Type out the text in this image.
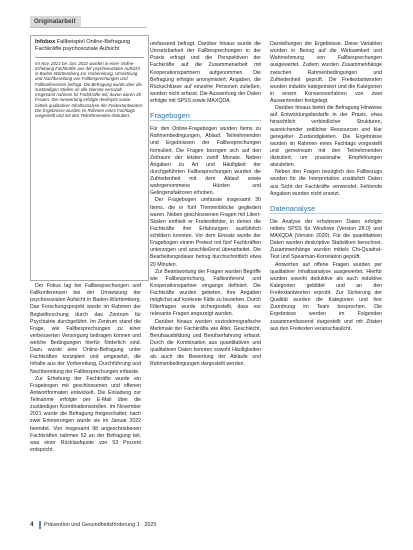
Originalarbeit
Infobox Fallbeispiel Online-Befragung Fachkräfte psychosoziale Aufsicht

Im Nov. 2021 bis Jan. 2022 wurden in einer Online-Erhebung Fachkräfte aus der psychosozialen Aufsicht in Baden-Württemberg zur Vorbereitung, Umsetzung und Nachbereitung von Fallbesprechungen und Fallkonferenzen befragt. Die Befragung wurde über die zuständigen Stellen an alle Dienste versandt. Insgesamt nahmen 52 Fachkräfte teil; davon waren 35 Frauen. Die Auswertung erfolgte deskriptiv sowie mittels qualitativer Inhaltsanalyse der Freitextantworten. Die Ergebnisse wurden im Rahmen eines Fachtags vorgestellt und mit den Teilnehmenden diskutiert.

Der Fokus lag bei Fallbesprechungen und Fallkonferenzen bei der Umsetzung der psychosozialen Aufsicht in Baden-Württemberg. Das Forschungsprojekt wurde im Rahmen der Begleitforschung durch das Zentrum für Psychiatrie durchgeführt. Im Zentrum stand die Frage, wie Fallbesprechungen zu einer verbesserten Versorgung beitragen können und welche Bedingungen hierfür förderlich sind. Dazu wurde eine Online-Befragung unter Fachkräften konzipiert und umgesetzt, die Inhalte aus der Vorbereitung, Durchführung und Nachbereitung der Fallbesprechungen erfasste.

Zur Erhebung der Fachkräfte wurde ein Fragebogen mit geschlossenen und offenen Antwortformaten entwickelt. Die Einladung zur Teilnahme erfolgte per E-Mail über die zuständigen Koordinationsstellen. Im November 2021 wurde die Befragung freigeschaltet; nach zwei Erinnerungen wurde sie im Januar 2022 beendet. Von insgesamt 98 angeschriebenen Fachkräften nahmen 52 an der Befragung teil, was einer Rücklaufquote von 53 Prozent entspricht.

umfassend befragt. Darüber hinaus wurde die Umsetzbarkeit der Fallbesprechungen in der Praxis erfragt und die Perspektiven der Fachkräfte auf die Zusammenarbeit mit Kooperationspartnern aufgenommen. Die Befragung erfolgte anonymisiert; Angaben, die Rückschlüsse auf einzelne Personen zuließen, wurden nicht erfasst. Die Auswertung der Daten erfolgte mit SPSS sowie MAXQDA.

Fragebogen

Für den Online-Fragebogen wurden Items zu Rahmenbedingungen, Ablauf, Teilnehmenden und Ergebnissen der Fallbesprechungen formuliert. Die Fragen bezogen sich auf den Zeitraum der letzten zwölf Monate. Neben Angaben zu Art und Häufigkeit der durchgeführten Fallbesprechungen wurden die Zufriedenheit mit dem Ablauf sowie wahrgenommene Hürden und Gelingensfaktoren erhoben.

Der Fragebogen umfasste insgesamt 30 Items, die in fünf Themenblöcke gegliedert waren. Neben geschlossenen Fragen mit Likert-Skalen enthielt er Freitextfelder, in denen die Fachkräfte ihre Erfahrungen ausführlich schildern konnten. Vor dem Einsatz wurde der Fragebogen einem Pretest mit fünf Fachkräften unterzogen und anschließend überarbeitet. Die Bearbeitungsdauer betrug durchschnittlich etwa 20 Minuten.

Zur Beantwortung der Fragen wurden Begriffe wie Fallbesprechung, Fallkonferenz und Kooperationspartner eingangs definiert. Die Fachkräfte wurden gebeten, ihre Angaben möglichst auf konkrete Fälle zu beziehen. Durch Filterfragen wurde sichergestellt, dass nur relevante Fragen angezeigt wurden.

Darüber hinaus wurden soziodemografische Merkmale der Fachkräfte wie Alter, Geschlecht, Berufsausbildung und Berufserfahrung erfasst. Durch die Kombination aus quantitativen und qualitativen Daten konnten sowohl Häufigkeiten als auch die Bewertung der Abläufe und Rahmenbedingungen dargestellt werden.

Darstellungen der Ergebnisse. Diese Variablen wurden in Bezug auf die Wirksamkeit und Wahrnehmung von Fallbesprechungen ausgewertet. Zudem wurden Zusammenhänge zwischen Rahmenbedingungen und Zufriedenheit geprüft. Die Freitextantworten wurden induktiv kategorisiert und die Kategorien in einem Konsensverfahren von zwei Auswertenden festgelegt.

Darüber hinaus bietet die Befragung Hinweise auf Entwicklungsbedarfe in der Praxis, etwa hinsichtlich verbindlicher Strukturen, ausreichender zeitlicher Ressourcen und klar geregelter Zuständigkeiten. Die Ergebnisse wurden im Rahmen eines Fachtags vorgestellt und gemeinsam mit den Teilnehmenden diskutiert, um praxisnahe Empfehlungen abzuleiten.

Neben den Fragen bezüglich des Fallbezugs wurden für die Interpretation zusätzlich Daten aus Sicht der Fachkräfte verwendet. Fehlende Angaben wurden nicht ersetzt.

Datenanalyse

Die Analyse der erhobenen Daten erfolgte mittels SPSS für Windows (Version 28.0) und MAXQDA (Version 2020). Für die quantitativen Daten wurden deskriptive Statistiken berechnet. Zusammenhänge wurden mittels Chi-Quadrat-Test und Spearman-Korrelation geprüft.

Antworten auf offene Fragen wurden per qualitativer Inhaltsanalyse ausgewertet. Hierfür wurden sowohl deduktive als auch induktive Kategorien gebildet und an den Freitextantworten erprobt. Zur Sicherung der Qualität wurden die Kategorien und ihre Zuordnung im Team besprochen. Die Ergebnisse werden im Folgenden zusammenfassend dargestellt und mit Zitaten aus den Freitexten veranschaulicht.

4 Prävention und Gesundheitsförderung 1 · 2025
